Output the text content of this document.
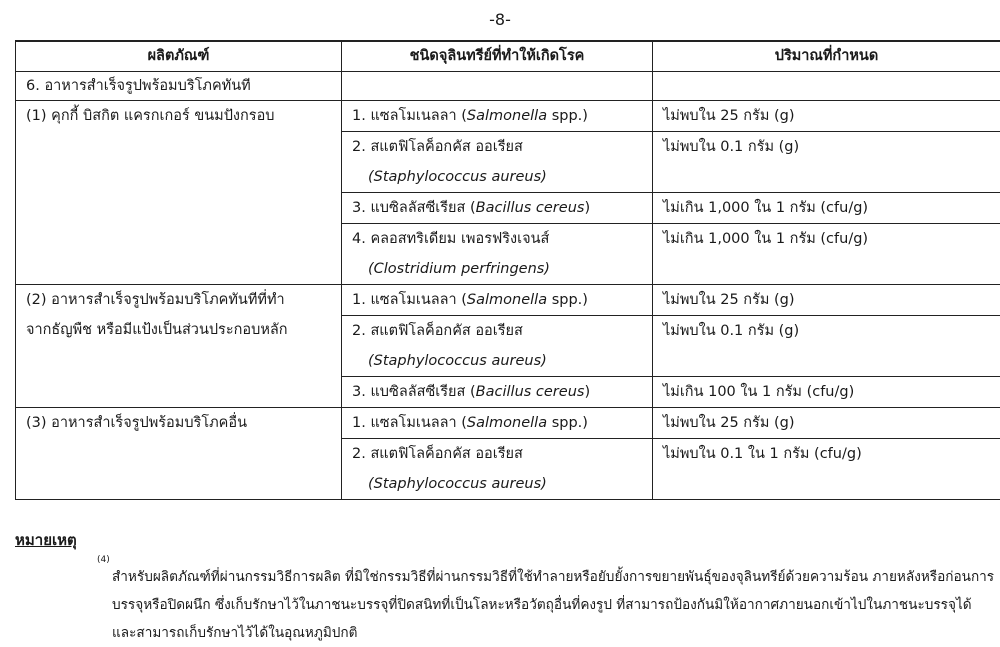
-8-
ผลิตภัณฑ์	ชนิดจุลินทรีย์ที่ทำให้เกิดโรค	ปริมาณที่กำหนด
6. อาหารสำเร็จรูปพร้อมบริโภคทันที		

(1) คุกกี้ บิสกิต แครกเกอร์ ขนมปังกรอบ	1. แซลโมเนลลา (Salmonella spp.)	ไม่พบใน 25 กรัม (g)

	2. สแตฟิโลค็อกคัส ออเรียส
(Staphylococcus aureus)	ไม่พบใน 0.1 กรัม (g)

	3. แบซิลลัสซีเรียส (Bacillus cereus)	ไม่เกิน 1,000 ใน 1 กรัม (cfu/g)

	4. คลอสทริเดียม เพอรฟริงเจนส์
(Clostridium perfringens)	ไม่เกิน 1,000 ใน 1 กรัม (cfu/g)

(2) อาหารสำเร็จรูปพร้อมบริโภคทันทีที่ทำ
จากธัญพืช หรือมีแป้งเป็นส่วนประกอบหลัก	1. แซลโมเนลลา (Salmonella spp.)	ไม่พบใน 25 กรัม (g)

	2. สแตฟิโลค็อกคัส ออเรียส
(Staphylococcus aureus)	ไม่พบใน 0.1 กรัม (g)

	3. แบซิลลัสซีเรียส (Bacillus cereus)	ไม่เกิน 100 ใน 1 กรัม (cfu/g)

(3) อาหารสำเร็จรูปพร้อมบริโภคอื่น	1. แซลโมเนลลา (Salmonella spp.)	ไม่พบใน 25 กรัม (g)

	2. สแตฟิโลค็อกคัส ออเรียส
(Staphylococcus aureus)	ไม่พบใน 0.1 ใน 1 กรัม (cfu/g)
หมายเหตุ
(4)
สำหรับผลิตภัณฑ์ที่ผ่านกรรมวิธีการผลิต ที่มิใช่กรรมวิธีที่ผ่านกรรมวิธีที่ใช้ทำลายหรือยับยั้งการขยายพันธุ์ของจุลินทรีย์ด้วยความร้อน ภายหลังหรือก่อนการ
บรรจุหรือปิดผนึก ซึ่งเก็บรักษาไว้ในภาชนะบรรจุที่ปิดสนิทที่เป็นโลหะหรือวัตถุอื่นที่คงรูป ที่สามารถป้องกันมิให้อากาศภายนอกเข้าไปในภาชนะบรรจุได้
และสามารถเก็บรักษาไว้ได้ในอุณหภูมิปกติ
